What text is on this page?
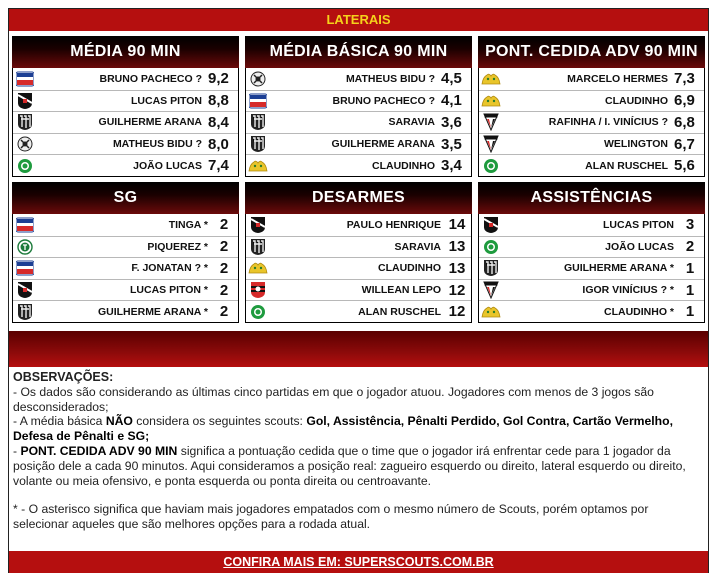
LATERAIS
MÉDIA 90 MIN
BRUNO PACHECO ? 9,2
LUCAS PITON 8,8
GUILHERME ARANA 8,4
MATHEUS BIDU ? 8,0
JOÃO LUCAS 7,4
MÉDIA BÁSICA 90 MIN
MATHEUS BIDU ? 4,5
BRUNO PACHECO ? 4,1
SARAVIA 3,6
GUILHERME ARANA 3,5
CLAUDINHO 3,4
PONT. CEDIDA ADV 90 MIN
MARCELO HERMES 7,3
CLAUDINHO 6,9
RAFINHA / I. VINÍCIUS ? 6,8
WELINGTON 6,7
ALAN RUSCHEL 5,6
SG
TINGA * 2
PIQUEREZ * 2
F. JONATAN ? * 2
LUCAS PITON * 2
GUILHERME ARANA * 2
DESARMES
PAULO HENRIQUE 14
SARAVIA 13
CLAUDINHO 13
WILLEAN LEPO 12
ALAN RUSCHEL 12
ASSISTÊNCIAS
LUCAS PITON 3
JOÃO LUCAS 2
GUILHERME ARANA * 1
IGOR VINÍCIUS ? * 1
CLAUDINHO * 1
OBSERVAÇÕES:
- Os dados são considerando as últimas cinco partidas em que o jogador atuou. Jogadores com menos de 3 jogos são desconsiderados;
- A média básica NÃO considera os seguintes scouts: Gol, Assistência, Pênalti Perdido, Gol Contra, Cartão Vermelho, Defesa de Pênalti e SG;
- PONT. CEDIDA ADV 90 MIN significa a pontuação cedida que o time que o jogador irá enfrentar cede para 1 jogador da posição dele a cada 90 minutos. Aqui consideramos a posição real: zagueiro esquerdo ou direito, lateral esquerdo ou direito, volante ou meia ofensivo, e ponta esquerda ou ponta direita ou centroavante.
* - O asterisco significa que haviam mais jogadores empatados com o mesmo número de Scouts, porém optamos por selecionar aqueles que são melhores opções para a rodada atual.
CONFIRA MAIS EM: SUPERSCOUTS.COM.BR
